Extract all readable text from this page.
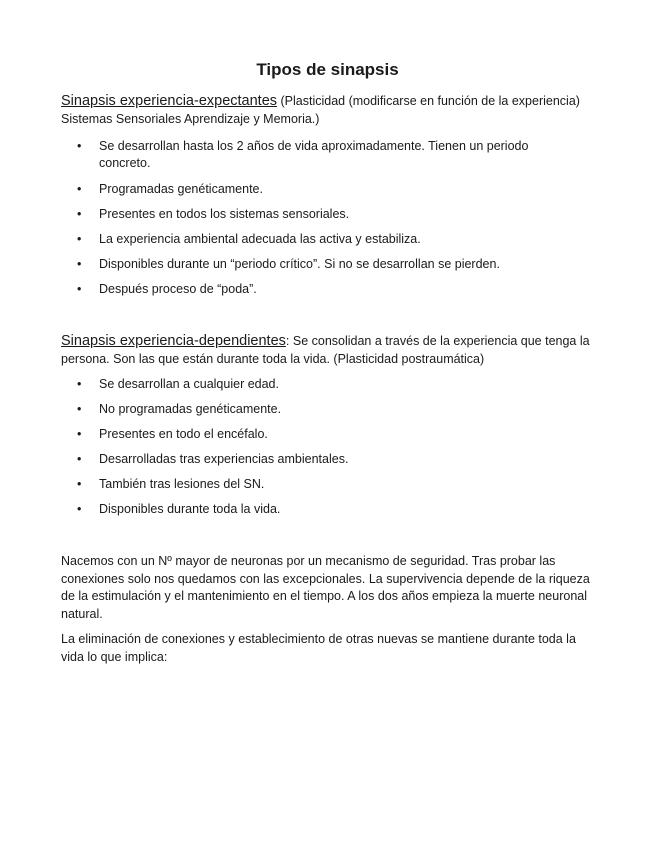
Tipos de sinapsis

Sinapsis experiencia-expectantes (Plasticidad (modificarse en función de la experiencia) Sistemas Sensoriales Aprendizaje y Memoria.)

• Se desarrollan hasta los 2 años de vida aproximadamente. Tienen un periodo concreto.
• Programadas genéticamente.
• Presentes en todos los sistemas sensoriales.
• La experiencia ambiental adecuada las activa y estabiliza.
• Disponibles durante un “periodo crítico”. Si no se desarrollan se pierden.
• Después proceso de “poda”.

Sinapsis experiencia-dependientes: Se consolidan a través de la experiencia que tenga la persona. Son las que están durante toda la vida. (Plasticidad postraumática)

• Se desarrollan a cualquier edad.
• No programadas genéticamente.
• Presentes en todo el encéfalo.
• Desarrolladas tras experiencias ambientales.
• También tras lesiones del SN.
• Disponibles durante toda la vida.

Nacemos con un Nº mayor de neuronas por un mecanismo de seguridad. Tras probar las conexiones solo nos quedamos con las excepcionales. La supervivencia depende de la riqueza de la estimulación y el mantenimiento en el tiempo. A los dos años empieza la muerte neuronal natural.

La eliminación de conexiones y establecimiento de otras nuevas se mantiene durante toda la vida lo que implica:
